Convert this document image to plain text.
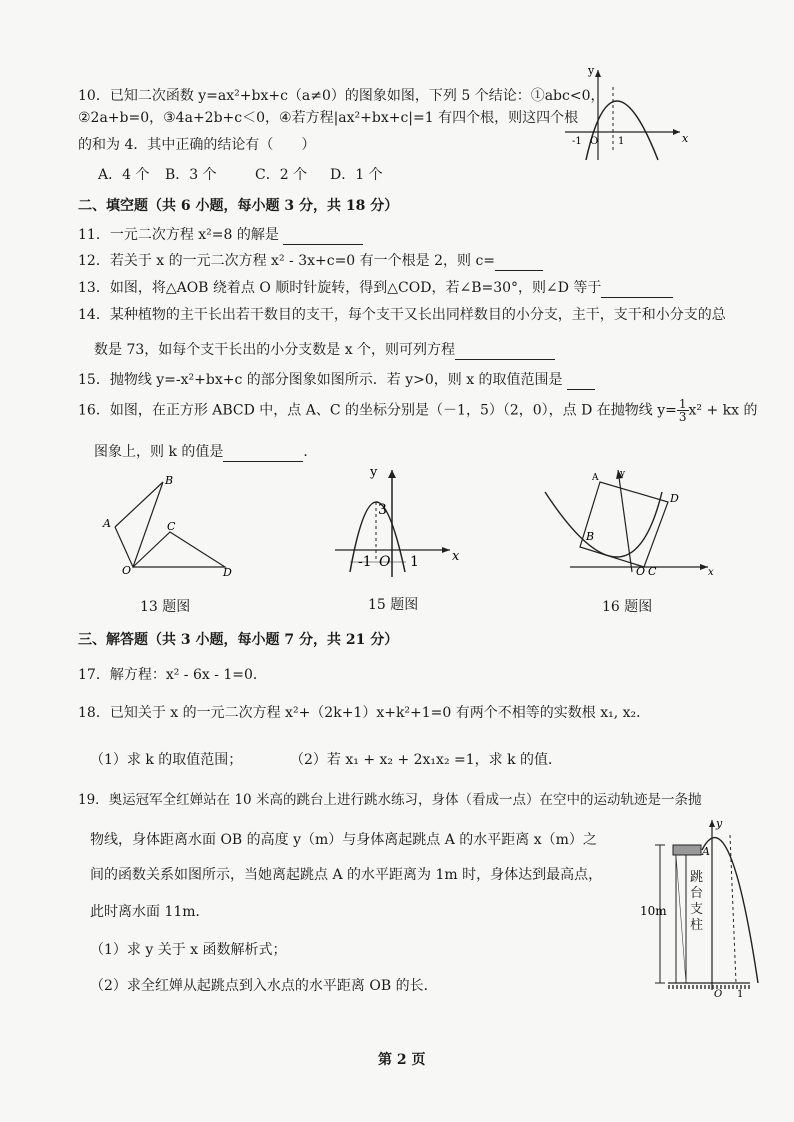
10．已知二次函数 y=ax²+bx+c（a≠0）的图象如图，下列 5 个结论：①abc<0，
②2a+b=0，③4a+2b+c＜0，④若方程|ax²+bx+c|=1 有四个根，则这四个根
的和为 4．其中正确的结论有（　　）
A．4 个 B．3 个	C．2 个 D．1 个
y
x
O 1
-1
二、填空题（共 6 小题，每小题 3 分，共 18 分）
11．一元二次方程 x²=8 的解是
12．若关于 x 的一元二次方程 x² - 3x+c=0 有一个根是 2，则 c=
13．如图，将△AOB 绕着点 O 顺时针旋转，得到△COD，若∠B=30°，则∠D 等于
14．某种植物的主干长出若干数目的支干，每个支干又长出同样数目的小分支，主干，支干和小分支的总
数是 73，如每个支干长出的小分支数是 x 个，则可列方程
15．抛物线 y=-x²+bx+c 的部分图象如图所示．若 y>0，则 x 的取值范围是
16．如图，在正方形 ABCD 中，点 A、C 的坐标分别是（－1，5）（2，0），点 D 在抛物线 $y= \frac{1}{3} x^2$ + kx 的
图象上，则 k 的值是	．
B
A	C
O	D
13 题图
y
x
3
-1 O 1
15 题图
A y
D
B
O C	x
16 题图
三、解答题（共 3 小题，每小题 7 分，共 21 分）
17．解方程：x² - 6x - 1=0．
18．已知关于 x 的一元二次方程 x²+（2k+1）x+k²+1=0 有两个不相等的实数根 x₁, x₂．
（1）求 k 的取值范围；	（2）若 x₁ + x₂ + 2x₁x₂ =1，求 k 的值．
19．奥运冠军全红婵站在 10 米高的跳台上进行跳水练习，身体（看成一点）在空中的运动轨迹是一条抛
物线，身体距离水面 OB 的高度 y（m）与身体离起跳点 A 的水平距离 x（m）之
间的函数关系如图所示，当她离起跳点 A 的水平距离为 1m 时，身体达到最高点，
此时离水面 11m．
（1）求 y 关于 x 函数解析式；
（2）求全红婵从起跳点到入水点的水平距离 OB 的长．
y
A
10m
O 1
跳台支柱
第 2 页
